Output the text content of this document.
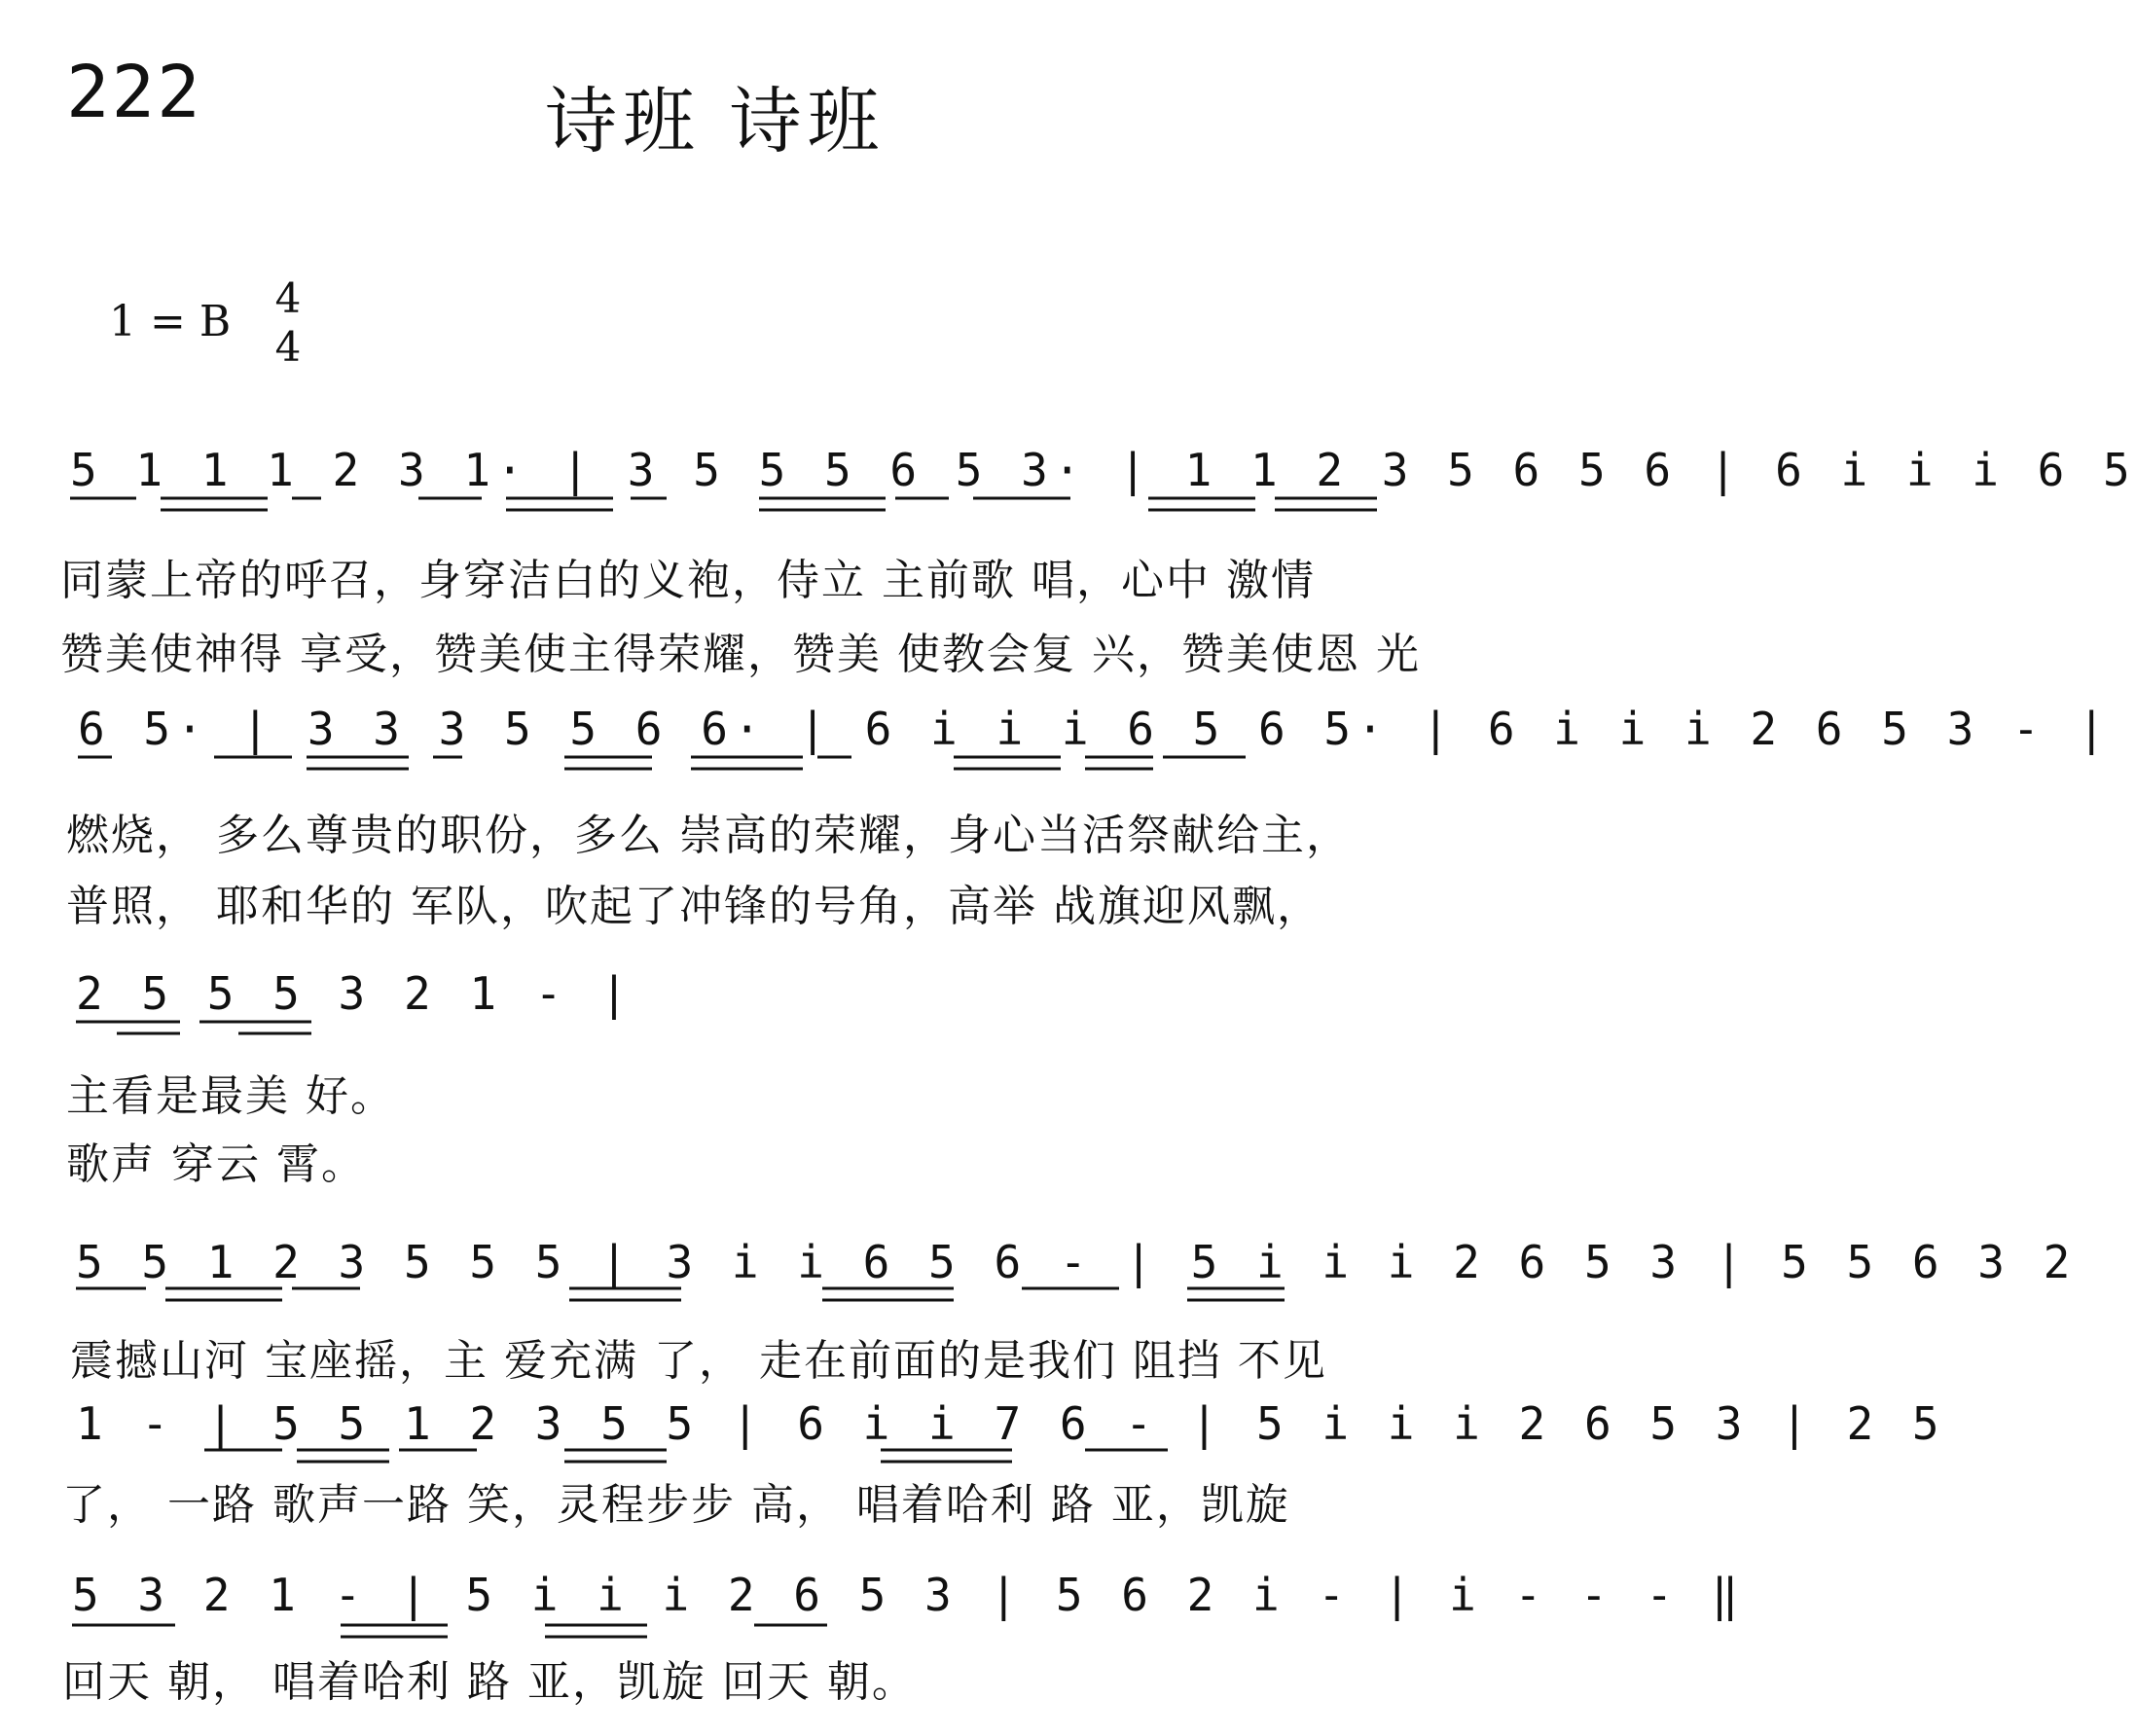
222	诗班 诗班
1 = B 4
4
5 1 1 1 2 3 1· | 3 5 5 5 6 5 3· | 1 1 2 3 5 6 5 6 | 6 i i i 6 5
同蒙上帝的呼召，身穿洁白的义袍，侍立 主前歌 唱，心中 激情
赞美使神得 享受，赞美使主得荣耀，赞美 使教会复 兴，赞美使恩 光
6 5· | 3 3 3 5 5 6 6· | 6 i i i 6 5 6 5· | 6 i i i 2 6 5 3 - |
燃烧， 多么尊贵的职份，多么 崇高的荣耀，身心当活祭献给主，
普照， 耶和华的 军队，吹起了冲锋的号角，高举 战旗迎风飘，
2 5 5 5 3 2 1 - |
主看是最美 好。
歌声 穿云 霄。
5 5 1 2 3 5 5 5 | 3 i i 6 5 6 - | 5 i i i 2 6 5 3 | 5 5 6 3 2
震撼山河 宝座摇，主 爱充满 了， 走在前面的是我们 阻挡 不见
1 - | 5 5 1 2 3 5 5 | 6 i i 7 6 - | 5 i i i 2 6 5 3 | 2 5
了， 一路 歌声一路 笑，灵程步步 高， 唱着哈利 路 亚，凯旋
5 3 2 1 - | 5 i i i 2 6 5 3 | 5 6 2 i - | i - - - ‖
回天 朝， 唱着哈利 路 亚，凯旋 回天 朝。
